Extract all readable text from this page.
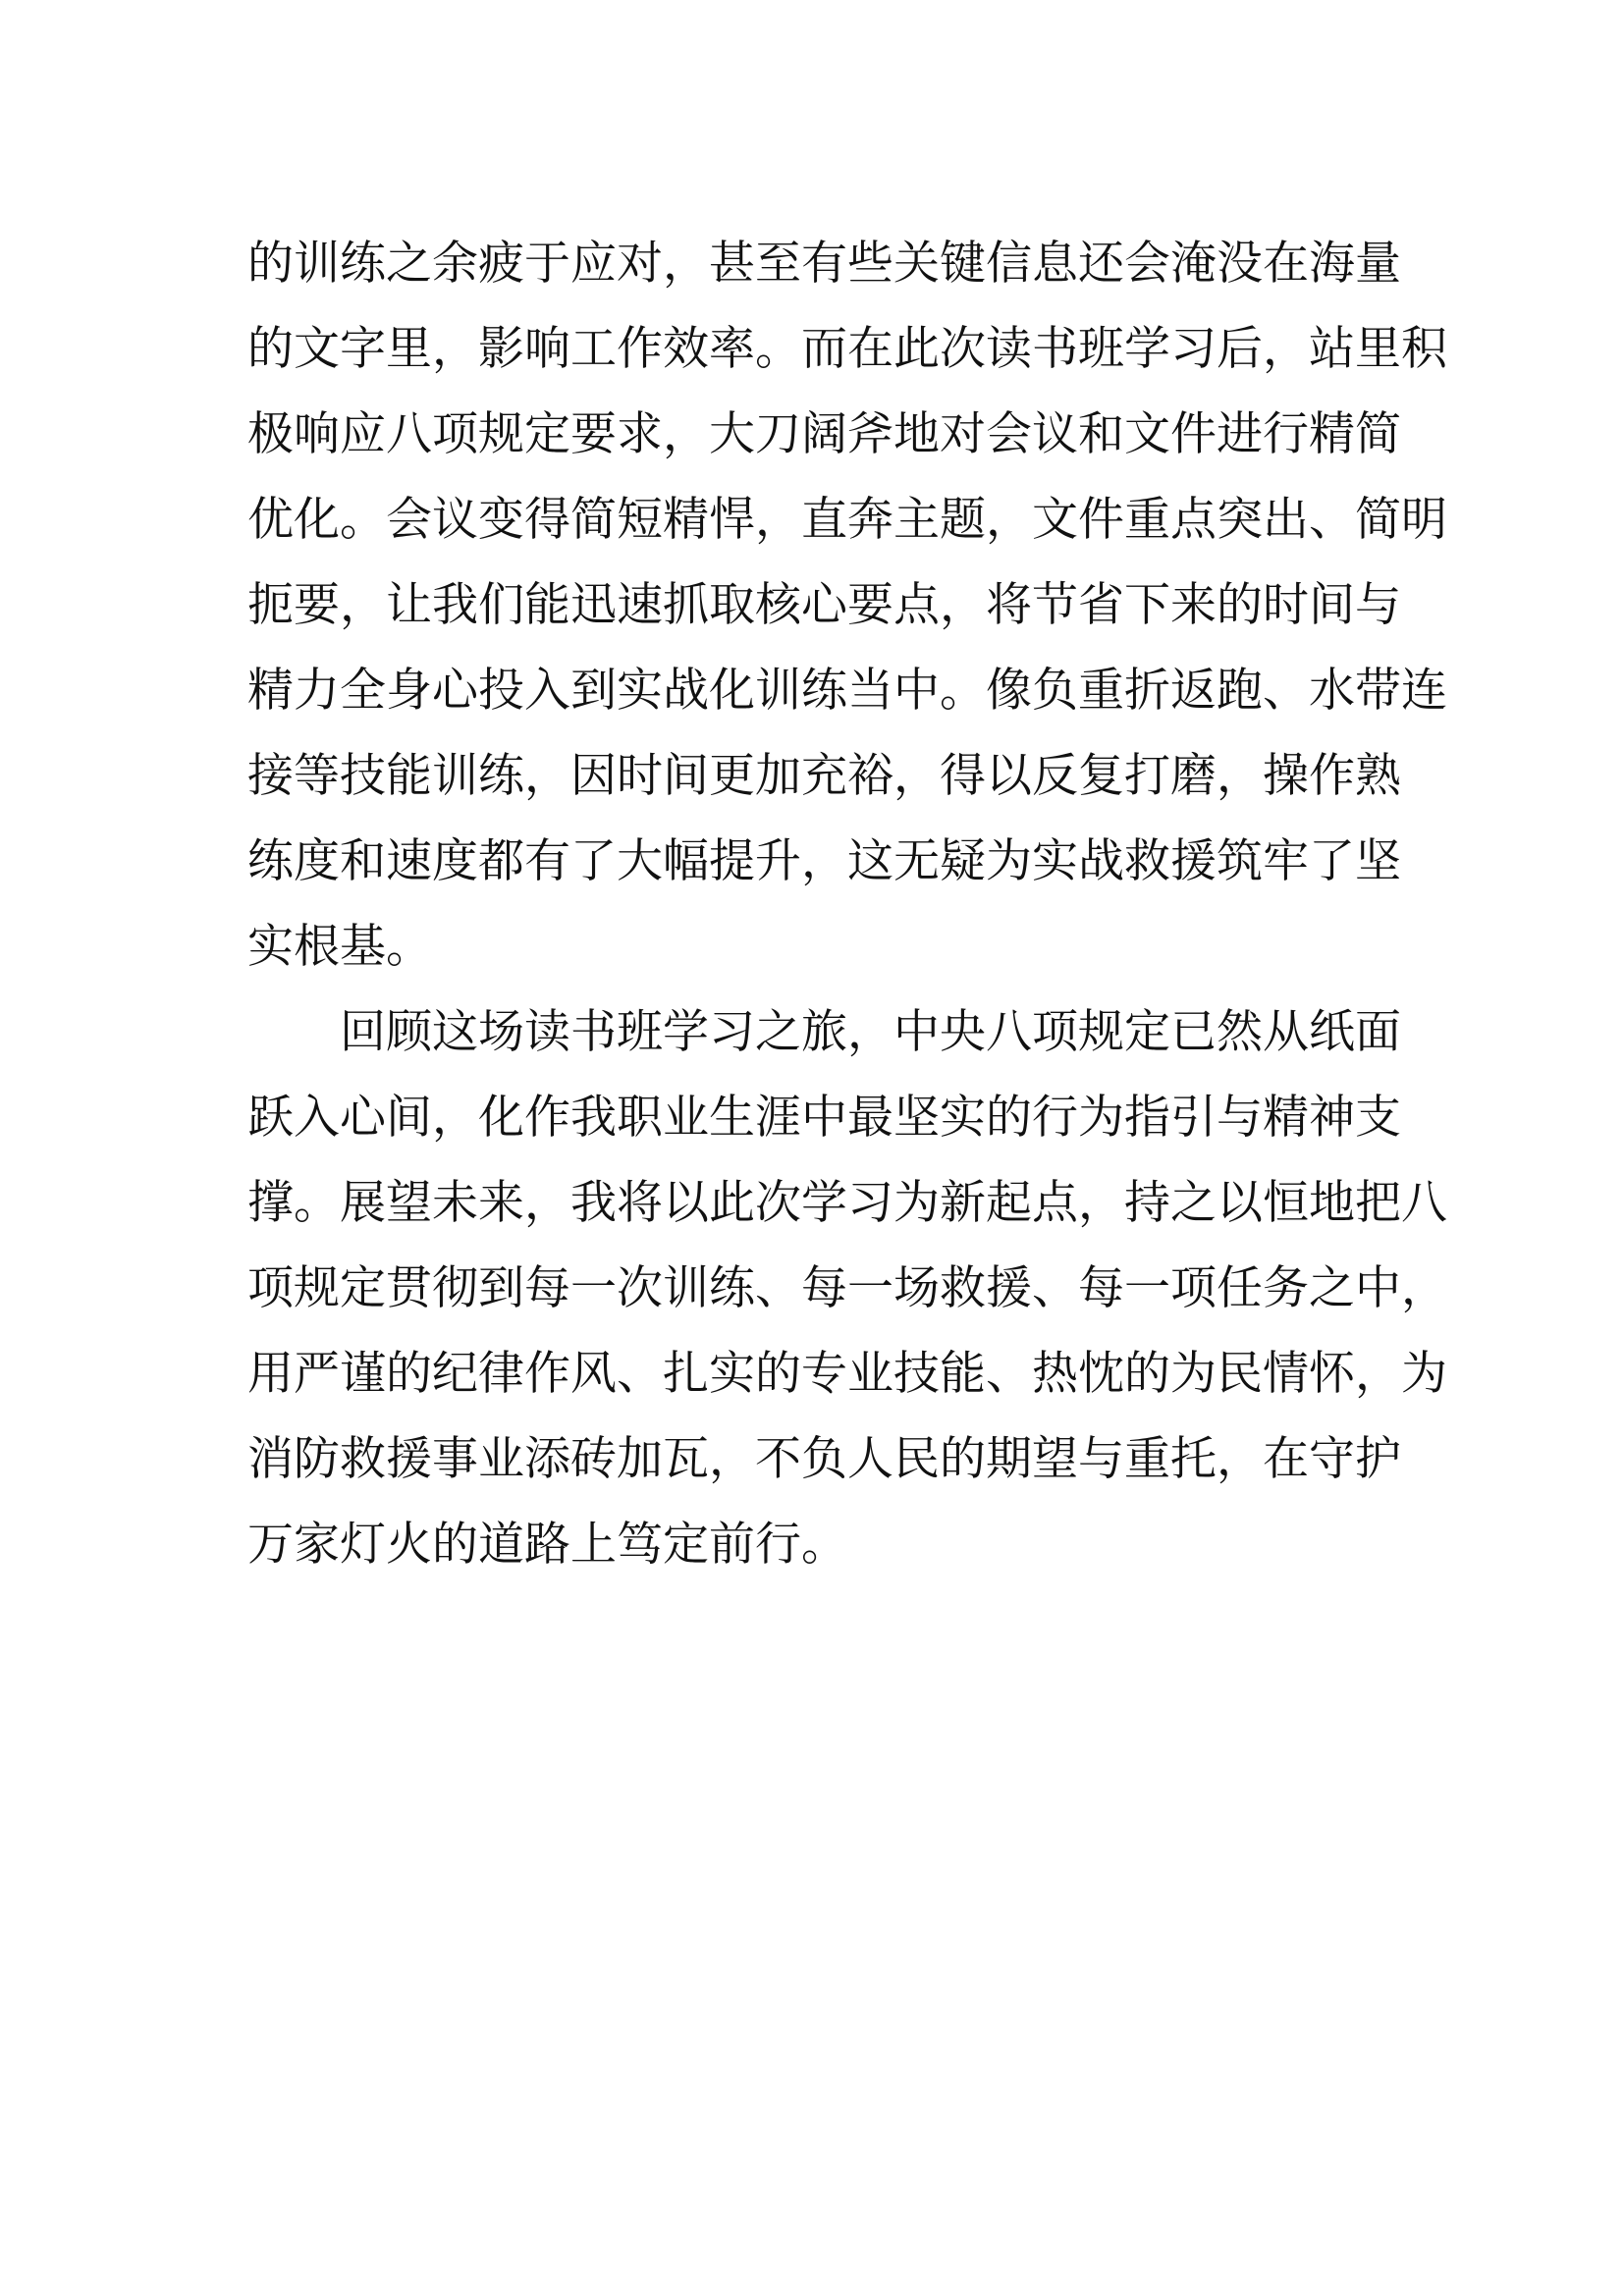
的训练之余疲于应对，甚至有些关键信息还会淹没在海量
的文字里，影响工作效率。而在此次读书班学习后，站里积
极响应八项规定要求，大刀阔斧地对会议和文件进行精简
优化。会议变得简短精悍，直奔主题，文件重点突出、简明
扼要，让我们能迅速抓取核心要点，将节省下来的时间与
精力全身心投入到实战化训练当中。像负重折返跑、水带连
接等技能训练，因时间更加充裕，得以反复打磨，操作熟
练度和速度都有了大幅提升，这无疑为实战救援筑牢了坚
实根基。
回顾这场读书班学习之旅，中央八项规定已然从纸面
跃入心间，化作我职业生涯中最坚实的行为指引与精神支
撑。展望未来，我将以此次学习为新起点，持之以恒地把八
项规定贯彻到每一次训练、每一场救援、每一项任务之中，
用严谨的纪律作风、扎实的专业技能、热忱的为民情怀，为
消防救援事业添砖加瓦，不负人民的期望与重托，在守护
万家灯火的道路上笃定前行。
